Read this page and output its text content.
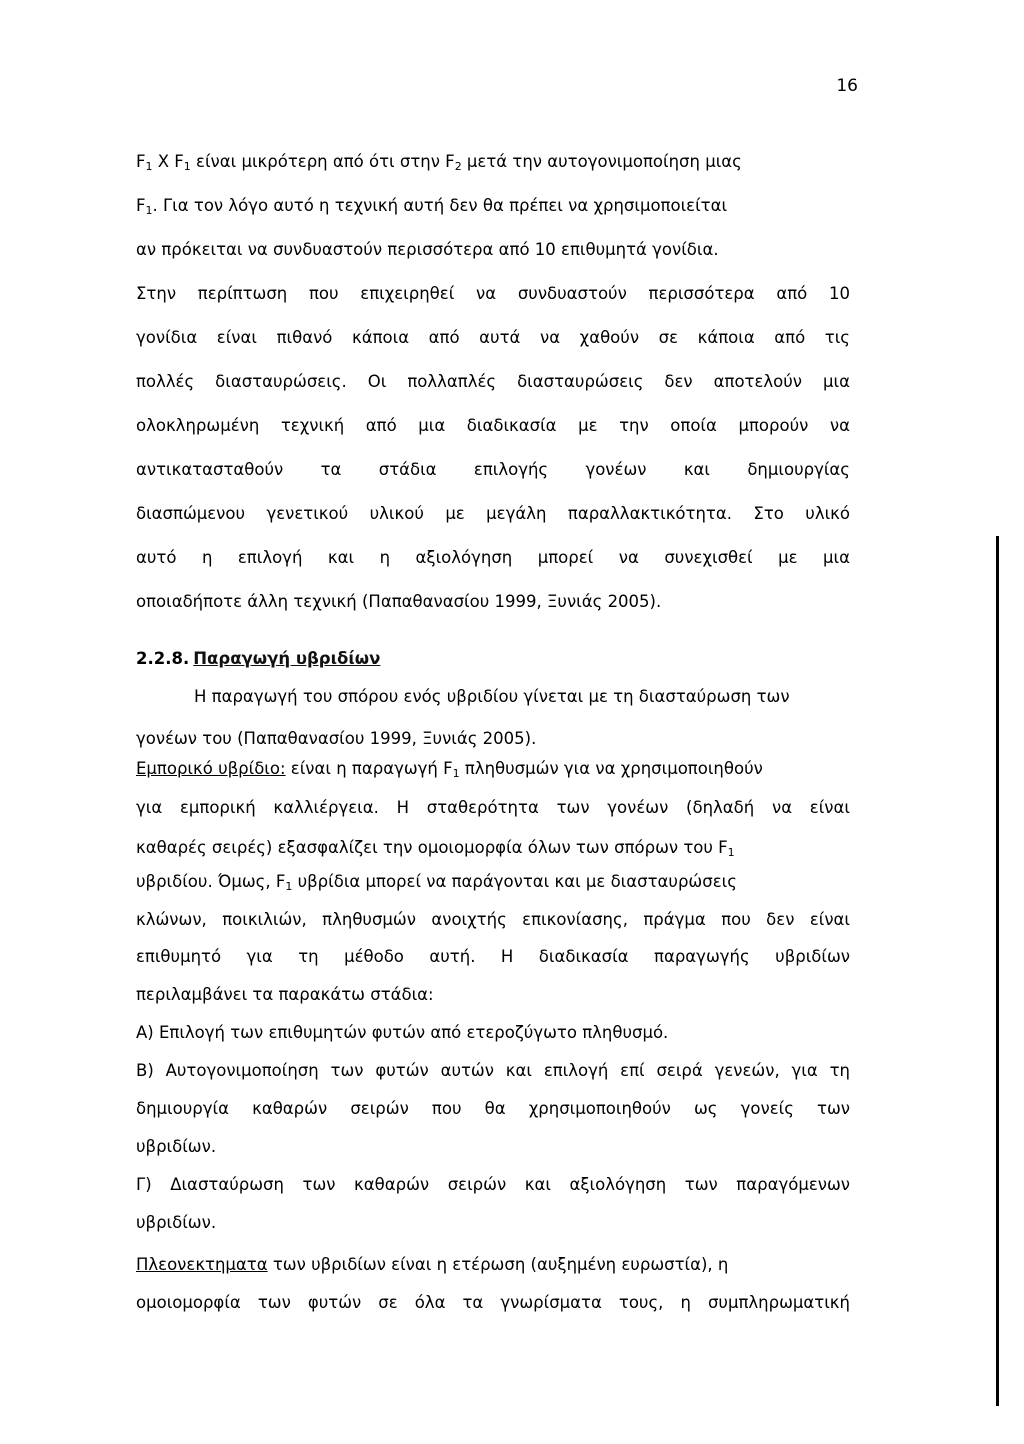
16
$F_1$ X $F_1$ είναι μικρότερη από ότι στην $F_2$ μετά την αυτογονιμοποίηση μιας
$F_1$. Για τον λόγο αυτό η τεχνική αυτή δεν θα πρέπει να χρησιμοποιείται
αν πρόκειται να συνδυαστούν περισσότερα από 10 επιθυμητά γονίδια.
Στην περίπτωση που επιχειρηθεί να συνδυαστούν περισσότερα από 10
γονίδια είναι πιθανό κάποια από αυτά να χαθούν σε κάποια από τις
πολλές διασταυρώσεις. Οι πολλαπλές διασταυρώσεις δεν αποτελούν μια
ολοκληρωμένη τεχνική από μια διαδικασία με την οποία μπορούν να
αντικατασταθούν τα στάδια επιλογής γονέων και δημιουργίας
διασπώμενου γενετικού υλικού με μεγάλη παραλλακτικότητα. Στο υλικό
αυτό η επιλογή και η αξιολόγηση μπορεί να συνεχισθεί με μια
οποιαδήποτε άλλη τεχνική (Παπαθανασίου 1999, Ξυνιάς 2005).
2.2.8. Παραγωγή υβριδίων
Η παραγωγή του σπόρου ενός υβριδίου γίνεται με τη διασταύρωση των
γονέων του (Παπαθανασίου 1999, Ξυνιάς 2005).
Εμπορικό υβρίδιο: είναι η παραγωγή $F_1$ πληθυσμών για να χρησιμοποιηθούν
για εμπορική καλλιέργεια. Η σταθερότητα των γονέων (δηλαδή να είναι
καθαρές σειρές) εξασφαλίζει την ομοιομορφία όλων των σπόρων του $F_1$
υβριδίου. Όμως, $F_1$ υβρίδια μπορεί να παράγονται και με διασταυρώσεις
κλώνων, ποικιλιών, πληθυσμών ανοιχτής επικονίασης, πράγμα που δεν είναι
επιθυμητό για τη μέθοδο αυτή. Η διαδικασία παραγωγής υβριδίων
περιλαμβάνει τα παρακάτω στάδια:
Α) Επιλογή των επιθυμητών φυτών από ετεροζύγωτο πληθυσμό.
Β) Αυτογονιμοποίηση των φυτών αυτών και επιλογή επί σειρά γενεών, για τη
δημιουργία καθαρών σειρών που θα χρησιμοποιηθούν ως γονείς των
υβριδίων.
Γ) Διασταύρωση των καθαρών σειρών και αξιολόγηση των παραγόμενων
υβριδίων.
Πλεονεκτηματα των υβριδίων είναι η ετέρωση (αυξημένη ευρωστία), η
ομοιομορφία των φυτών σε όλα τα γνωρίσματα τους, η συμπληρωματική
